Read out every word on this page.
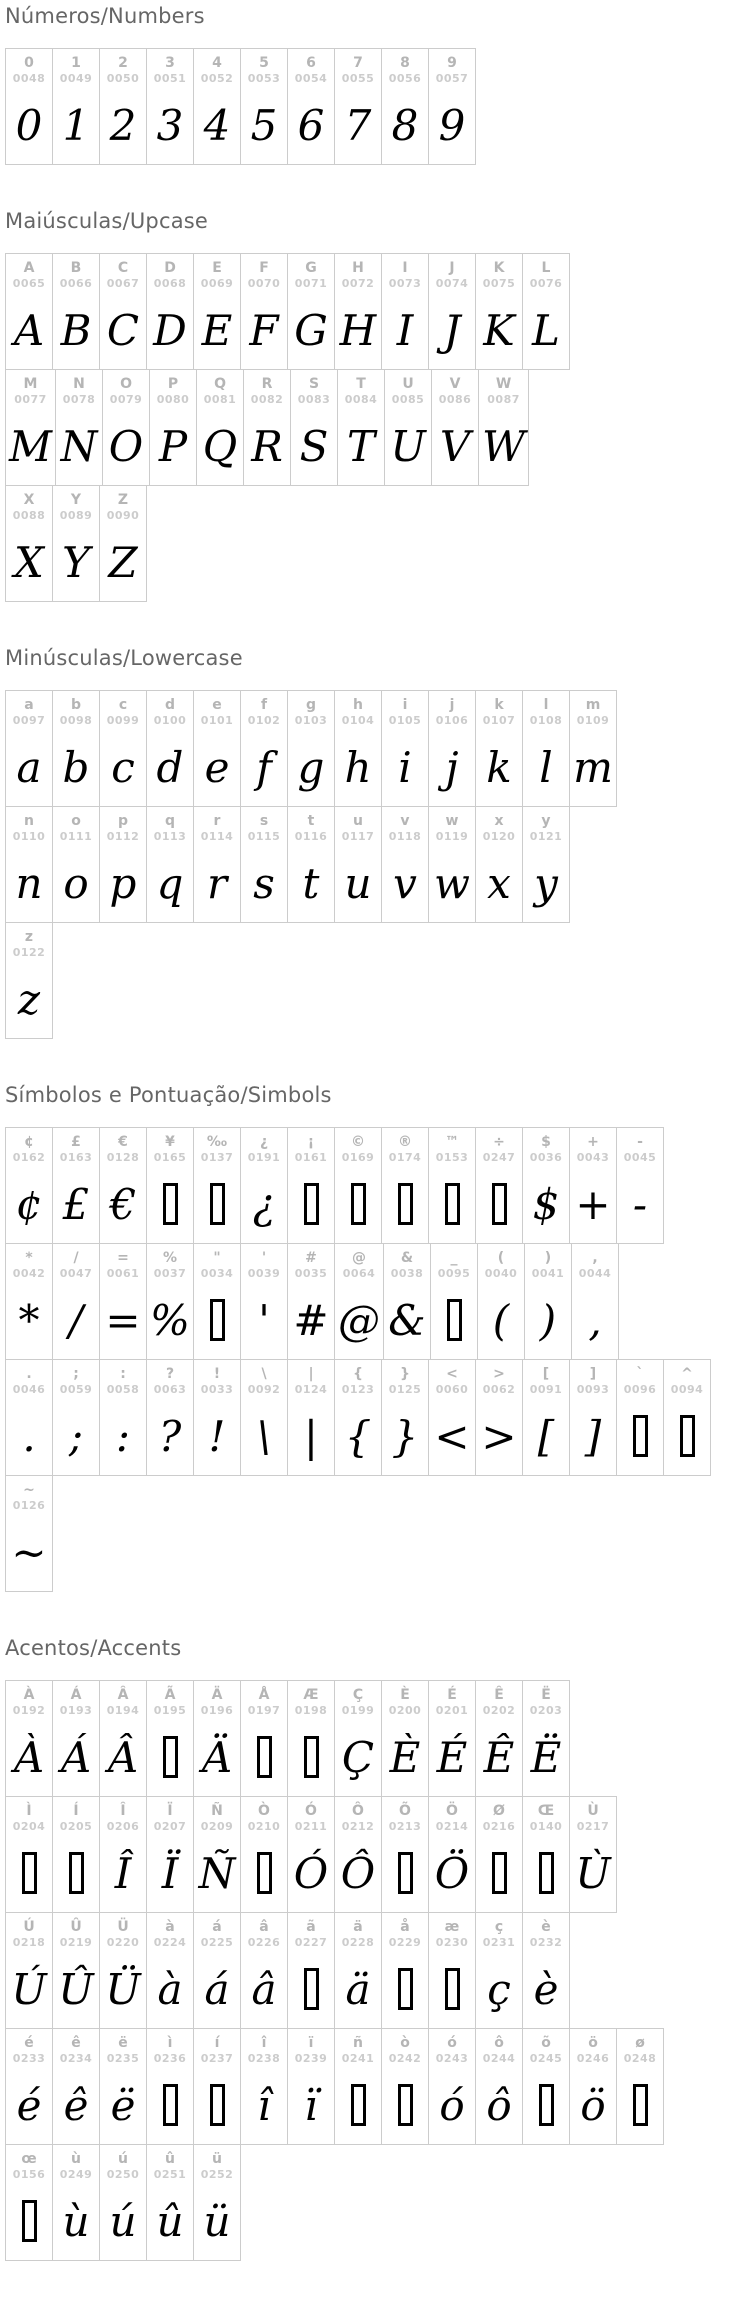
Números/Numbers
0
0048
0
1
0049
1
2
0050
2
3
0051
3
4
0052
4
5
0053
5
6
0054
6
7
0055
7
8
0056
8
9
0057
9
Maiúsculas/Upcase
A
0065
A
B
0066
B
C
0067
C
D
0068
D
E
0069
E
F
0070
F
G
0071
G
H
0072
H
I
0073
I
J
0074
J
K
0075
K
L
0076
L
M
0077
M
N
0078
N
O
0079
O
P
0080
P
Q
0081
Q
R
0082
R
S
0083
S
T
0084
T
U
0085
U
V
0086
V
W
0087
W
X
0088
X
Y
0089
Y
Z
0090
Z
Minúsculas/Lowercase
a
0097
a
b
0098
b
c
0099
c
d
0100
d
e
0101
e
f
0102
f
g
0103
g
h
0104
h
i
0105
i
j
0106
j
k
0107
k
l
0108
l
m
0109
m
n
0110
n
o
0111
o
p
0112
p
q
0113
q
r
0114
r
s
0115
s
t
0116
t
u
0117
u
v
0118
v
w
0119
w
x
0120
x
y
0121
y
z
0122
z
Símbolos e Pontuação/Simbols
¢
0162
¢
£
0163
£
€
0128
€
¥
0165
‰
0137
¿
0191
¿
¡
0161
©
0169
®
0174
™
0153
÷
0247
$
0036
$
+
0043
+
-
0045
-
*
0042
*
/
0047
/
=
0061
=
%
0037
%
"
0034
'
0039
'
#
0035
#
@
0064
@
&
0038
&
_
0095
(
0040
(
)
0041
)
,
0044
,
.
0046
.
;
0059
;
:
0058
:
?
0063
?
!
0033
!
\
0092
\
|
0124
|
{
0123
{
}
0125
}
<
0060
<
>
0062
>
[
0091
[
]
0093
]
`
0096
^
0094
~
0126
~
Acentos/Accents
À
0192
À
Á
0193
Á
Â
0194
Â
Ã
0195
Ä
0196
Ä
Å
0197
Æ
0198
Ç
0199
Ç
È
0200
È
É
0201
É
Ê
0202
Ê
Ë
0203
Ë
Ì
0204
Í
0205
Î
0206
Î
Ï
0207
Ï
Ñ
0209
Ñ
Ò
0210
Ó
0211
Ó
Ô
0212
Ô
Õ
0213
Ö
0214
Ö
Ø
0216
Œ
0140
Ù
0217
Ù
Ú
0218
Ú
Û
0219
Û
Ü
0220
Ü
à
0224
à
á
0225
á
â
0226
â
ã
0227
ä
0228
ä
å
0229
æ
0230
ç
0231
ç
è
0232
è
é
0233
é
ê
0234
ê
ë
0235
ë
ì
0236
í
0237
î
0238
î
ï
0239
ï
ñ
0241
ò
0242
ó
0243
ó
ô
0244
ô
õ
0245
ö
0246
ö
ø
0248
œ
0156
ù
0249
ù
ú
0250
ú
û
0251
û
ü
0252
ü
